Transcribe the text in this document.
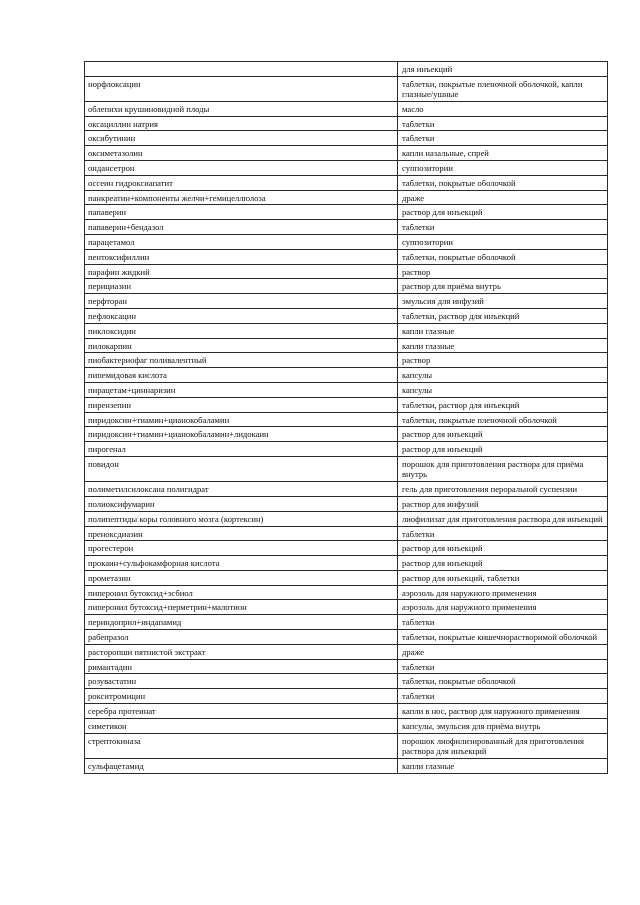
	для инъекций
норфлоксацин	таблетки, покрытые пленочной оболочкой, капли глазные/ушные
облепихи крушиновидной плоды	масло
оксациллин натрия	таблетки
оксибутинин	таблетки
оксиметазолин	капли назальные, спрей
ондансетрон	суппозитории
оссеин гидроксиапатит	таблетки, покрытые оболочкой
панкреатин+компоненты желчи+гемицеллюлоза	драже
папаверин	раствор для инъекций
папаверин+бендазол	таблетки
парацетамол	суппозитории
пентоксифиллин	таблетки, покрытые оболочкой
парафин жидкий	раствор
перициазин	раствор для приёма внутрь
перфторан	эмульсия для инфузий
пефлоксацин	таблетки, раствор для инъекций
пиклоксидин	капли глазные
пилокарпин	капли глазные
пиобактериофаг поливалентный	раствор
пипемидовая кислота	капсулы
пирацетам+циннаризин	капсулы
пирензепин	таблетки, раствор для инъекций
пиридоксин+тиамин+цианокобаламин	таблетки, покрытые пленочной оболочкой
пиридоксин+тиамин+цианокобаламин+лидокаин	раствор для инъекций
пирогенал	раствор для инъекций
повидон	порошок для приготовления раствора для приёма внутрь
полиметилсилоксана полигидрат	гель для приготовления пероральной суспензии
полиоксифумарин	раствор для инфузий
полипептиды коры головного мозга (кортексин)	лиофилизат для приготовления раствора для инъекций
преноксдиазин	таблетки
прогестерон	раствор для инъекций
прокаин+сульфокамфорная кислота	раствор для инъекций
прометазин	раствор для инъекций, таблетки
пиперонил бутоксид+эсбиол	аэрозоль для наружного применения
пиперонил бутоксид+перметрин+малотион	аэрозоль для наружного применения
периндоприл+индапамид	таблетки
рабепразол	таблетки, покрытые кишечнорастворимой оболочкой
расторопши пятнистой экстракт	драже
римантадин	таблетки
розувастатин	таблетки, покрытые оболочкой
рокситромицин	таблетки
серебра протеинат	капли в нос, раствор для наружного применения
симетикон	капсулы, эмульсия для приёма внутрь
стрептокиназа	порошок лиофилизированный для приготовления раствора для инъекций
сульфацетамид	капли глазные
